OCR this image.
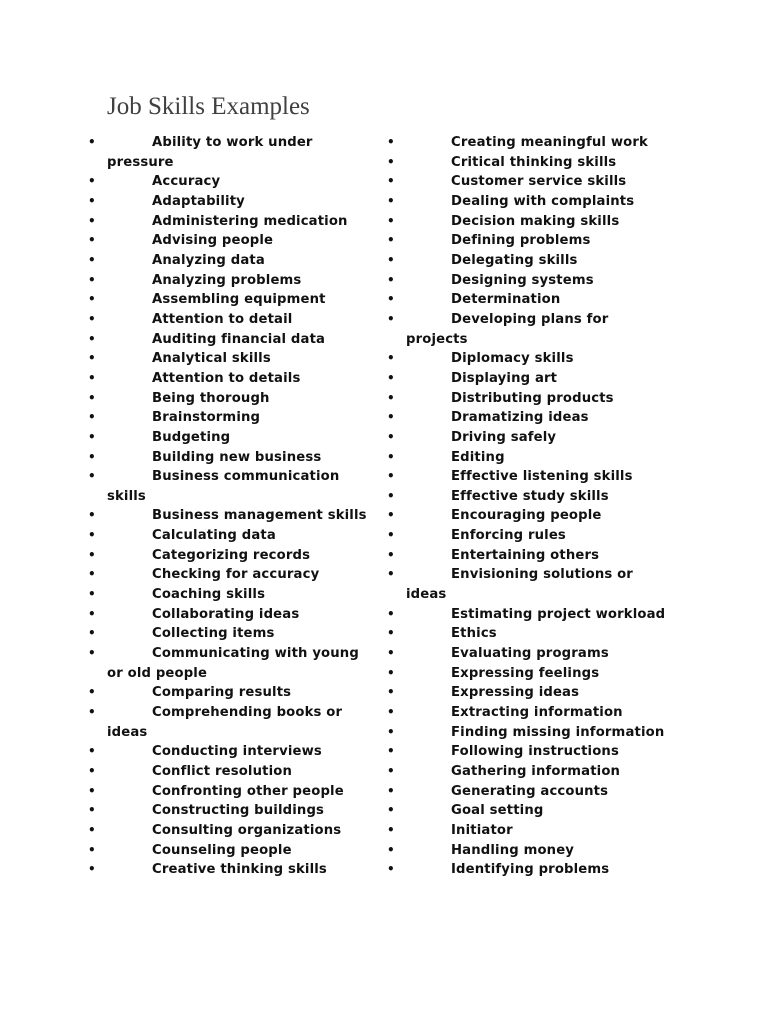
Job Skills Examples
•	Ability to work under pressure
•	Accuracy
•	Adaptability
•	Administering medication
•	Advising people
•	Analyzing data
•	Analyzing problems
•	Assembling equipment
•	Attention to detail
•	Auditing financial data
•	Analytical skills
•	Attention to details
•	Being thorough
•	Brainstorming
•	Budgeting
•	Building new business
•	Business communication skills
•	Business management skills
•	Calculating data
•	Categorizing records
•	Checking for accuracy
•	Coaching skills
•	Collaborating ideas
•	Collecting items
•	Communicating with young or old people
•	Comparing results
•	Comprehending books or ideas
•	Conducting interviews
•	Conflict resolution
•	Confronting other people
•	Constructing buildings
•	Consulting organizations
•	Counseling people
•	Creative thinking skills
•	Creating meaningful work
•	Critical thinking skills
•	Customer service skills
•	Dealing with complaints
•	Decision making skills
•	Defining problems
•	Delegating skills
•	Designing systems
•	Determination
•	Developing plans for projects
•	Diplomacy skills
•	Displaying art
•	Distributing products
•	Dramatizing ideas
•	Driving safely
•	Editing
•	Effective listening skills
•	Effective study skills
•	Encouraging people
•	Enforcing rules
•	Entertaining others
•	Envisioning solutions or ideas
•	Estimating project workload
•	Ethics
•	Evaluating programs
•	Expressing feelings
•	Expressing ideas
•	Extracting information
•	Finding missing information
•	Following instructions
•	Gathering information
•	Generating accounts
•	Goal setting
•	Initiator
•	Handling money
•	Identifying problems
